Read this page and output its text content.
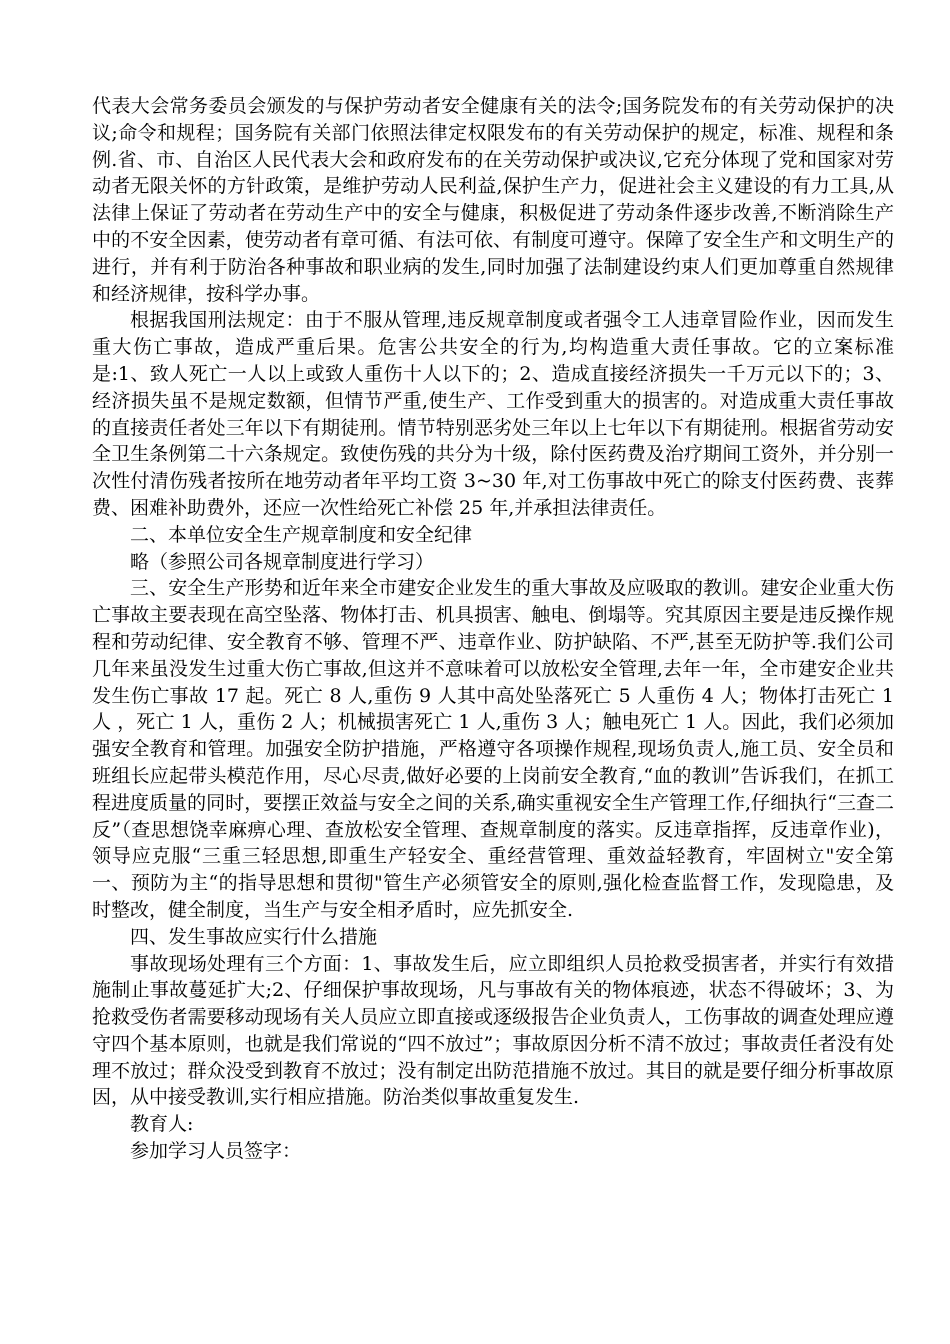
代表大会常务委员会颁发的与保护劳动者安全健康有关的法令;国务院发布的有关劳动保护的决议;命令和规程；国务院有关部门依照法律定权限发布的有关劳动保护的规定，标准、规程和条例.省、市、自治区人民代表大会和政府发布的在关劳动保护或决议,它充分体现了党和国家对劳动者无限关怀的方针政策，是维护劳动人民利益,保护生产力，促进社会主义建设的有力工具,从法律上保证了劳动者在劳动生产中的安全与健康，积极促进了劳动条件逐步改善,不断消除生产中的不安全因素，使劳动者有章可循、有法可依、有制度可遵守。保障了安全生产和文明生产的进行，并有利于防治各种事故和职业病的发生,同时加强了法制建设约束人们更加尊重自然规律和经济规律，按科学办事。

根据我国刑法规定：由于不服从管理,违反规章制度或者强令工人违章冒险作业，因而发生重大伤亡事故，造成严重后果。危害公共安全的行为,均构造重大责任事故。它的立案标准是:1、致人死亡一人以上或致人重伤十人以下的；2、造成直接经济损失一千万元以下的；3、经济损失虽不是规定数额，但情节严重,使生产、工作受到重大的损害的。对造成重大责任事故的直接责任者处三年以下有期徒刑。情节特别恶劣处三年以上七年以下有期徒刑。根据省劳动安全卫生条例第二十六条规定。致使伤残的共分为十级，除付医药费及治疗期间工资外，并分别一次性付清伤残者按所在地劳动者年平均工资 3~30 年,对工伤事故中死亡的除支付医药费、丧葬费、困难补助费外，还应一次性给死亡补偿 25 年,并承担法律责任。

二、本单位安全生产规章制度和安全纪律

略（参照公司各规章制度进行学习）

三、安全生产形势和近年来全市建安企业发生的重大事故及应吸取的教训。建安企业重大伤亡事故主要表现在高空坠落、物体打击、机具损害、触电、倒塌等。究其原因主要是违反操作规程和劳动纪律、安全教育不够、管理不严、违章作业、防护缺陷、不严,甚至无防护等.我们公司几年来虽没发生过重大伤亡事故,但这并不意味着可以放松安全管理,去年一年，全市建安企业共发生伤亡事故 17 起。死亡 8 人,重伤 9 人其中高处坠落死亡 5 人重伤 4 人；物体打击死亡 1 人 ，死亡 1 人，重伤 2 人；机械损害死亡 1 人,重伤 3 人；触电死亡 1 人。因此，我们必须加强安全教育和管理。加强安全防护措施，严格遵守各项操作规程,现场负责人,施工员、安全员和班组长应起带头模范作用，尽心尽责,做好必要的上岗前安全教育,“血的教训”告诉我们，在抓工程进度质量的同时，要摆正效益与安全之间的关系,确实重视安全生产管理工作,仔细执行“三查二反”（查思想饶幸麻痹心理、查放松安全管理、查规章制度的落实。反违章指挥，反违章作业)，领导应克服“三重三轻思想,即重生产轻安全、重经营管理、重效益轻教育，牢固树立"安全第一、预防为主“的指导思想和贯彻"管生产必须管安全的原则,强化检查监督工作，发现隐患，及时整改，健全制度，当生产与安全相矛盾时，应先抓安全.

四、发生事故应实行什么措施

事故现场处理有三个方面：1、事故发生后，应立即组织人员抢救受损害者，并实行有效措施制止事故蔓延扩大;2、仔细保护事故现场，凡与事故有关的物体痕迹，状态不得破坏；3、为抢救受伤者需要移动现场有关人员应立即直接或逐级报告企业负责人，工伤事故的调查处理应遵守四个基本原则，也就是我们常说的“四不放过”；事故原因分析不清不放过；事故责任者没有处理不放过；群众没受到教育不放过；没有制定出防范措施不放过。其目的就是要仔细分析事故原因，从中接受教训,实行相应措施。防治类似事故重复发生.

教育人:

参加学习人员签字：
